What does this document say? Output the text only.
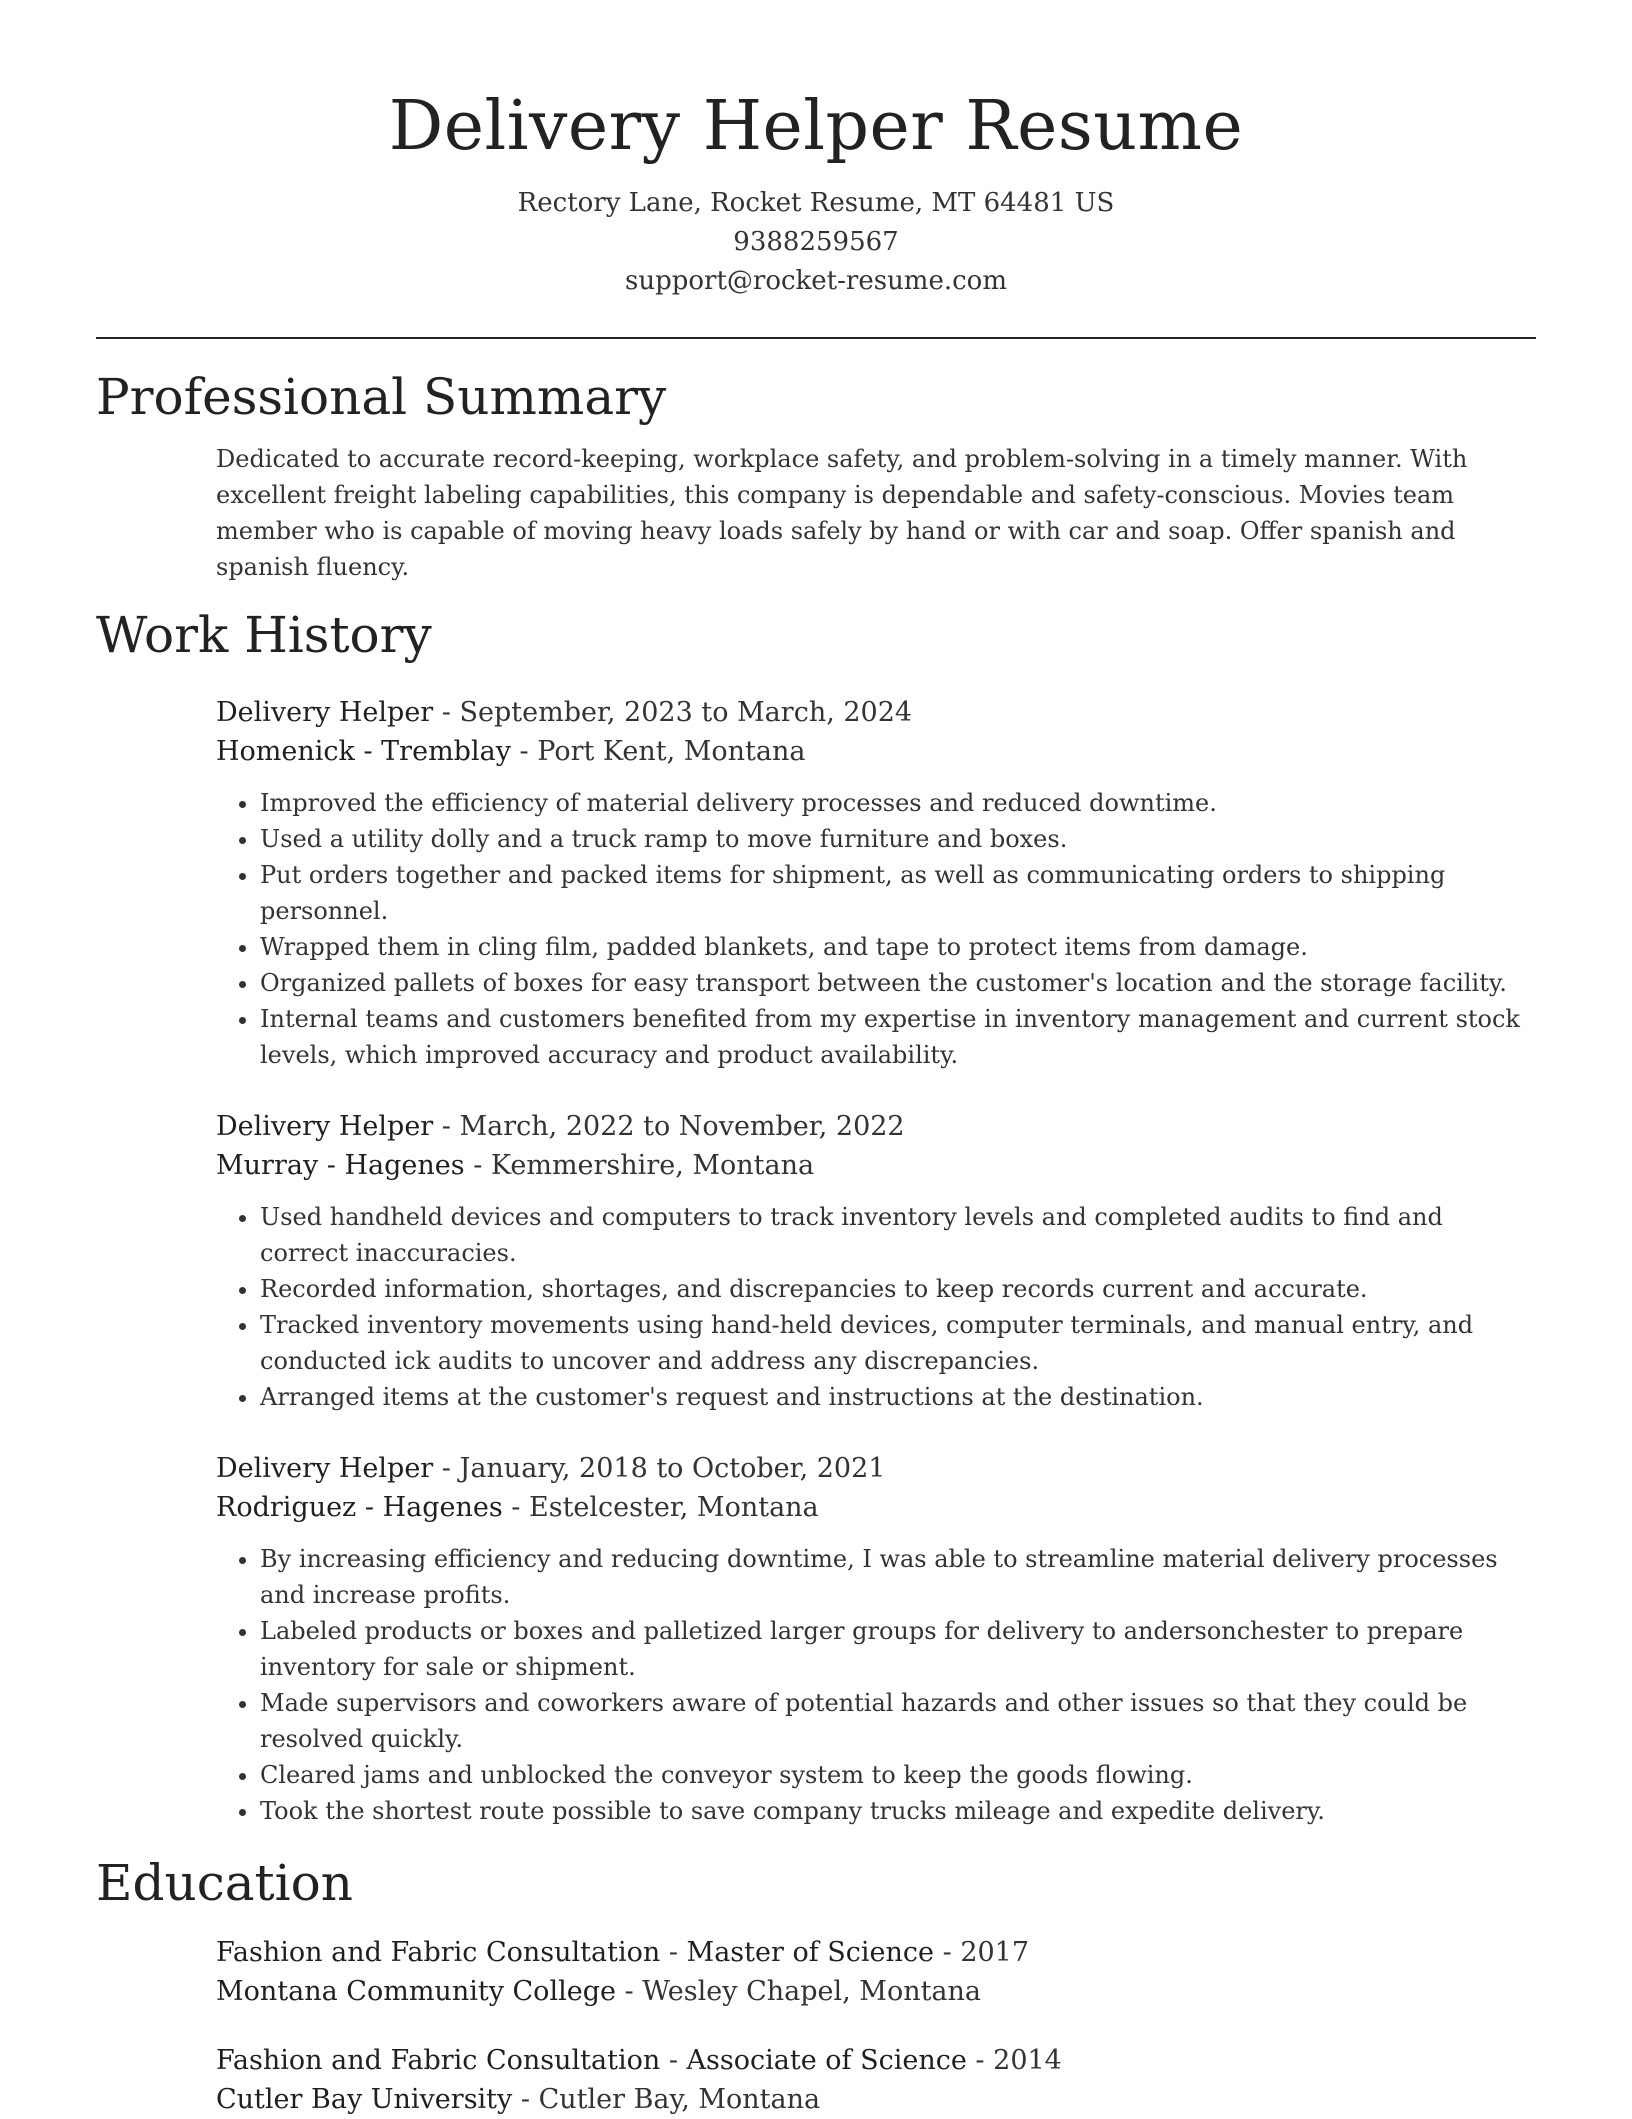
Delivery Helper Resume
Rectory Lane, Rocket Resume, MT 64481 US
9388259567
support@rocket-resume.com
Professional Summary

Dedicated to accurate record-keeping, workplace safety, and problem-solving in a timely manner. With excellent freight labeling capabilities, this company is dependable and safety-conscious. Movies team member who is capable of moving heavy loads safely by hand or with car and soap. Offer spanish and spanish fluency.

Work History
Delivery Helper - September, 2023 to March, 2024
Homenick - Tremblay - Port Kent, Montana
• Improved the efficiency of material delivery processes and reduced downtime.
• Used a utility dolly and a truck ramp to move furniture and boxes.
• Put orders together and packed items for shipment, as well as communicating orders to shipping personnel.
• Wrapped them in cling film, padded blankets, and tape to protect items from damage.
• Organized pallets of boxes for easy transport between the customer's location and the storage facility.
• Internal teams and customers benefited from my expertise in inventory management and current stock levels, which improved accuracy and product availability.
Delivery Helper - March, 2022 to November, 2022
Murray - Hagenes - Kemmershire, Montana
• Used handheld devices and computers to track inventory levels and completed audits to find and correct inaccuracies.
• Recorded information, shortages, and discrepancies to keep records current and accurate.
• Tracked inventory movements using hand-held devices, computer terminals, and manual entry, and conducted ick audits to uncover and address any discrepancies.
• Arranged items at the customer's request and instructions at the destination.
Delivery Helper - January, 2018 to October, 2021
Rodriguez - Hagenes - Estelcester, Montana
• By increasing efficiency and reducing downtime, I was able to streamline material delivery processes and increase profits.
• Labeled products or boxes and palletized larger groups for delivery to andersonchester to prepare inventory for sale or shipment.
• Made supervisors and coworkers aware of potential hazards and other issues so that they could be resolved quickly.
• Cleared jams and unblocked the conveyor system to keep the goods flowing.
• Took the shortest route possible to save company trucks mileage and expedite delivery.
Education
Fashion and Fabric Consultation - Master of Science - 2017
Montana Community College - Wesley Chapel, Montana
Fashion and Fabric Consultation - Associate of Science - 2014
Cutler Bay University - Cutler Bay, Montana
